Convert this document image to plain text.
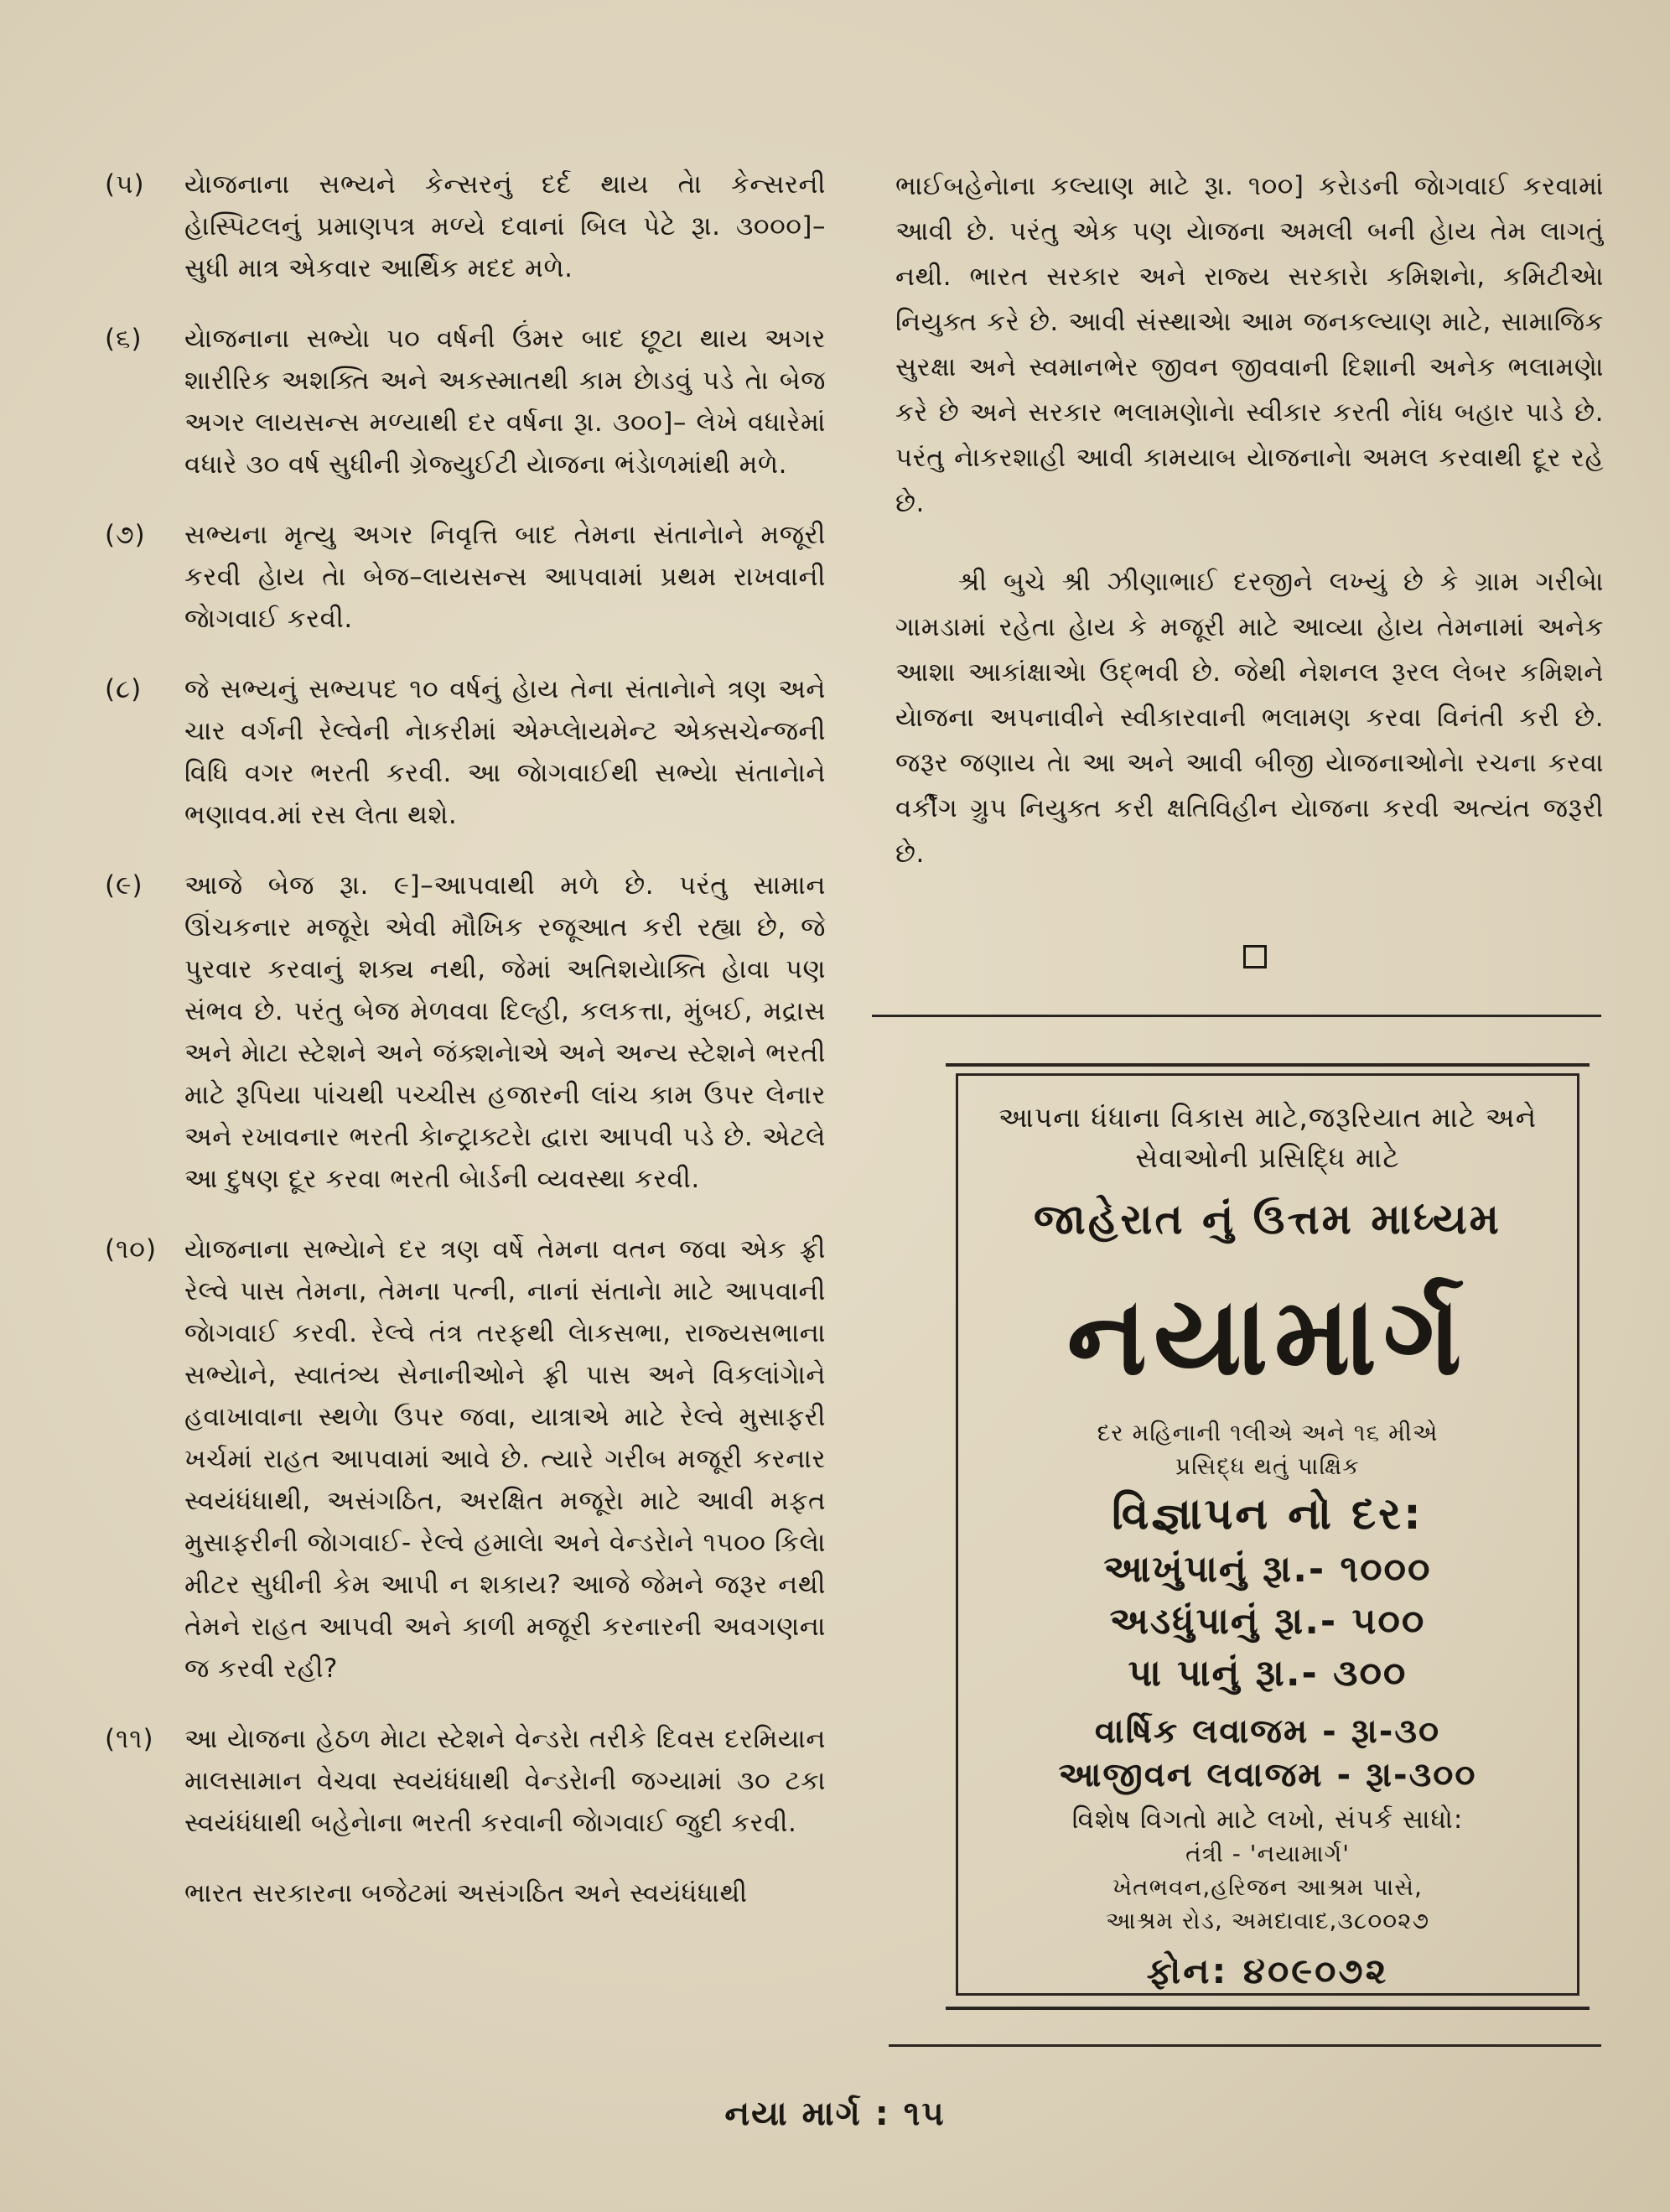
(૫)	યેાજનાના સભ્યને કેન્સરનું દર્દ થાય તેા કેન્સરની હેાસ્પિટલનું પ્રમાણપત્ર મળ્યે દવાનાં બિલ પેટે રૂા. ૩૦૦૦]– સુધી માત્ર એકવાર આર્થિક મદદ મળે.
(૬)	યેાજનાના સભ્યેા ૫૦ વર્ષની ઉંમર બાદ છૂટા થાય અગર શારીરિક અશક્તિ અને અકસ્માતથી કામ છેાડવું પડે તેા બેજ અગર લાયસન્સ મળ્યાથી દર વર્ષના રૂા. ૩૦૦]– લેખે વધારેમાં વધારે ૩૦ વર્ષ સુધીની ગ્રેજ્યુઈટી યેાજના ભંડેાળમાંથી મળે.
(૭)	સભ્યના મૃત્યુ અગર નિવૃત્તિ બાદ તેમના સંતાનેાને મજૂરી કરવી હેાય તેા બેજ–લાયસન્સ આપવામાં પ્રથમ રાખવાની જેાગવાઈ કરવી.
(૮)	જે સભ્યનું સભ્યપદ ૧૦ વર્ષનું હેાય તેના સંતાનેાને ત્રણ અને ચાર વર્ગની રેલ્વેની નેાકરીમાં એમ્પ્લેાયમેન્ટ એક્સચેન્જની વિધિ વગર ભરતી કરવી. આ જેાગવાઈથી સભ્યેા સંતાનેાને ભણાવવ.માં રસ લેતા થશે.
(૯)	આજે બેજ રૂા. ૯]–આપવાથી મળે છે. પરંતુ સામાન ઊંચકનાર મજૂરેા એવી મૌખિક રજૂઆત કરી રહ્યા છે, જે પુરવાર કરવાનું શક્ય નથી, જેમાં અતિશયેાક્તિ હેાવા પણ સંભવ છે. પરંતુ બેજ મેળવવા દિલ્હી, કલકત્તા, મુંબઈ, મદ્રાસ અને મેાટા સ્ટેશને અને જંક્શનેાએ અને અન્ય સ્ટેશને ભરતી માટે રૂપિયા પાંચથી પચ્ચીસ હજારની લાંચ કામ ઉપર લેનાર અને રખાવનાર ભરતી કેાન્ટ્રાક્ટરેા દ્વારા આપવી પડે છે. એટલે આ દુષણ દૂર કરવા ભરતી બેાર્ડની વ્યવસ્થા કરવી.
(૧૦)	યેાજનાના સભ્યેાને દર ત્રણ વર્ષે તેમના વતન જવા એક ફ્રી રેલ્વે પાસ તેમના, તેમના પત્ની, નાનાં સંતાનેા માટે આપવાની જેાગવાઈ કરવી. રેલ્વે તંત્ર તરફથી લેાકસભા, રાજ્યસભાના સભ્યેાને, સ્વાતંત્ર્ય સેનાનીઓને ફ્રી પાસ અને વિકલાંગેાને હવાખાવાના સ્થળેા ઉપર જવા, યાત્રાએ માટે રેલ્વે મુસાફરી ખર્ચમાં રાહત આપવામાં આવે છે. ત્યારે ગરીબ મજૂરી કરનાર સ્વયંધંધાથી, અસંગઠિત, અરક્ષિત મજૂરેા માટે આવી મફત મુસાફરીની જેાગવાઈ- રેલ્વે હમાલેા અને વેન્ડરેાને ૧૫૦૦ કિલેા મીટર સુધીની કેમ આપી ન શકાય? આજે જેમને જરૂર નથી તેમને રાહત આપવી અને કાળી મજૂરી કરનારની અવગણના જ કરવી રહી?
(૧૧)	આ યેાજના હેઠળ મેાટા સ્ટેશને વેન્ડરેા તરીકે દિવસ દરમિયાન માલસામાન વેચવા સ્વયંધંધાથી વેન્ડરેાની જગ્યામાં ૩૦ ટકા સ્વયંધંધાથી બહેનેાના ભરતી કરવાની જેાગવાઈ જુદી કરવી.
ભારત સરકારના બજેટમાં અસંગઠિત અને સ્વયંધંધાથી

ભાઈબહેનેાના કલ્યાણ માટે રૂા. ૧૦૦] કરેાડની જેાગવાઈ કરવામાં આવી છે. પરંતુ એક પણ યેાજના અમલી બની હેાય તેમ લાગતું નથી. ભારત સરકાર અને રાજ્ય સરકારેા કમિશનેા, કમિટીએા નિયુક્ત કરે છે. આવી સંસ્થાએા આમ જનકલ્યાણ માટે, સામાજિક સુરક્ષા અને સ્વમાનભેર જીવન જીવવાની દિશાની અનેક ભલામણેા કરે છે અને સરકાર ભલામણેાનેા સ્વીકાર કરતી નેાંધ બહાર પાડે છે. પરંતુ નેાકરશાહી આવી કામયાબ યેાજનાનેા અમલ કરવાથી દૂર રહે છે.

શ્રી બુચે શ્રી ઝીણાભાઈ દરજીને લખ્યું છે કે ગ્રામ ગરીબેા ગામડામાં રહેતા હેાય કે મજૂરી માટે આવ્યા હેાય તેમનામાં અનેક આશા આકાંક્ષાએા ઉદ્ભવી છે. જેથી નેશનલ રૂરલ લેબર કમિશને યેાજના અપનાવીને સ્વીકારવાની ભલામણ કરવા વિનંતી કરી છે. જરૂર જણાય તેા આ અને આવી બીજી યેાજનાઓનેા રચના કરવા વર્કીંગ ગ્રુપ નિયુક્ત કરી ક્ષતિવિહીન યેાજના કરવી અત્યંત જરૂરી છે.

આપના ધંધાના વિકાસ માટે,જરૂરિયાત માટે અને
સેવાઓની પ્રસિદ્ધિ માટે
જાહેરાત નું ઉત્તમ માધ્યમ
નયામાર્ગ
દર મહિનાની ૧લીએ અને ૧૬ મીએ
પ્રસિદ્ધ થતું પાક્ષિક
વિજ્ઞાપન નો દર:
આખુંપાનું રૂા.- ૧૦૦૦
અડધુંપાનું રૂા.- ૫૦૦
પા પાનું રૂા.- ૩૦૦
વાર્ષિક લવાજમ - રૂા-૩૦
આજીવન લવાજમ - રૂા-૩૦૦
વિશેષ વિગતો માટે લખો, સંપર્ક સાધો:
તંત્રી - 'નયામાર્ગ'
ખેતભવન,હરિજન આશ્રમ પાસે,
આશ્રમ રોડ, અમદાવાદ,૩૮૦૦૨૭
ફોન: ૪૦૯૦૭૨
નયા માર્ગ : ૧૫
